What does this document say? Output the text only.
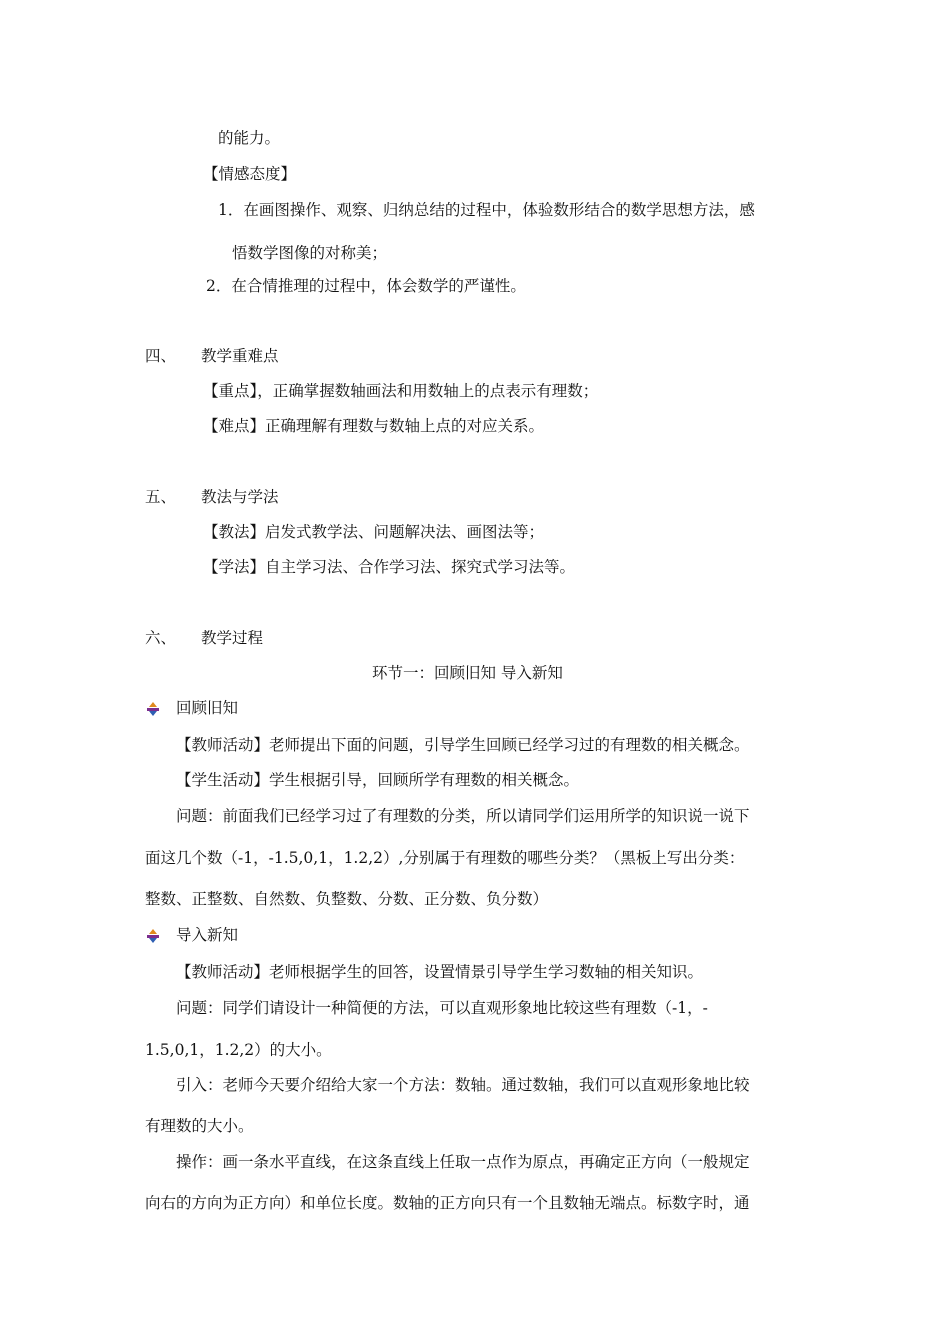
的能力。
【情感态度】
1．在画图操作、观察、归纳总结的过程中，体验数形结合的数学思想方法，感
悟数学图像的对称美；
2．在合情推理的过程中，体会数学的严谨性。
四、 教学重难点
【重点】，正确掌握数轴画法和用数轴上的点表示有理数；
【难点】正确理解有理数与数轴上点的对应关系。
五、 教法与学法
【教法】启发式教学法、问题解决法、画图法等；
【学法】自主学习法、合作学习法、探究式学习法等。
六、 教学过程
环节一：回顾旧知 导入新知
回顾旧知
【教师活动】老师提出下面的问题，引导学生回顾已经学习过的有理数的相关概念。
【学生活动】学生根据引导，回顾所学有理数的相关概念。
问题：前面我们已经学习过了有理数的分类，所以请同学们运用所学的知识说一说下
面这几个数（-1，-1.5,0,1，1.2,2）,分别属于有理数的哪些分类？（黑板上写出分类：
整数、正整数、自然数、负整数、分数、正分数、负分数）
导入新知
【教师活动】老师根据学生的回答，设置情景引导学生学习数轴的相关知识。
问题：同学们请设计一种简便的方法，可以直观形象地比较这些有理数（-1，-
1.5,0,1，1.2,2）的大小。
引入：老师今天要介绍给大家一个方法：数轴。通过数轴，我们可以直观形象地比较
有理数的大小。
操作：画一条水平直线，在这条直线上任取一点作为原点，再确定正方向（一般规定
向右的方向为正方向）和单位长度。数轴的正方向只有一个且数轴无端点。标数字时，通
